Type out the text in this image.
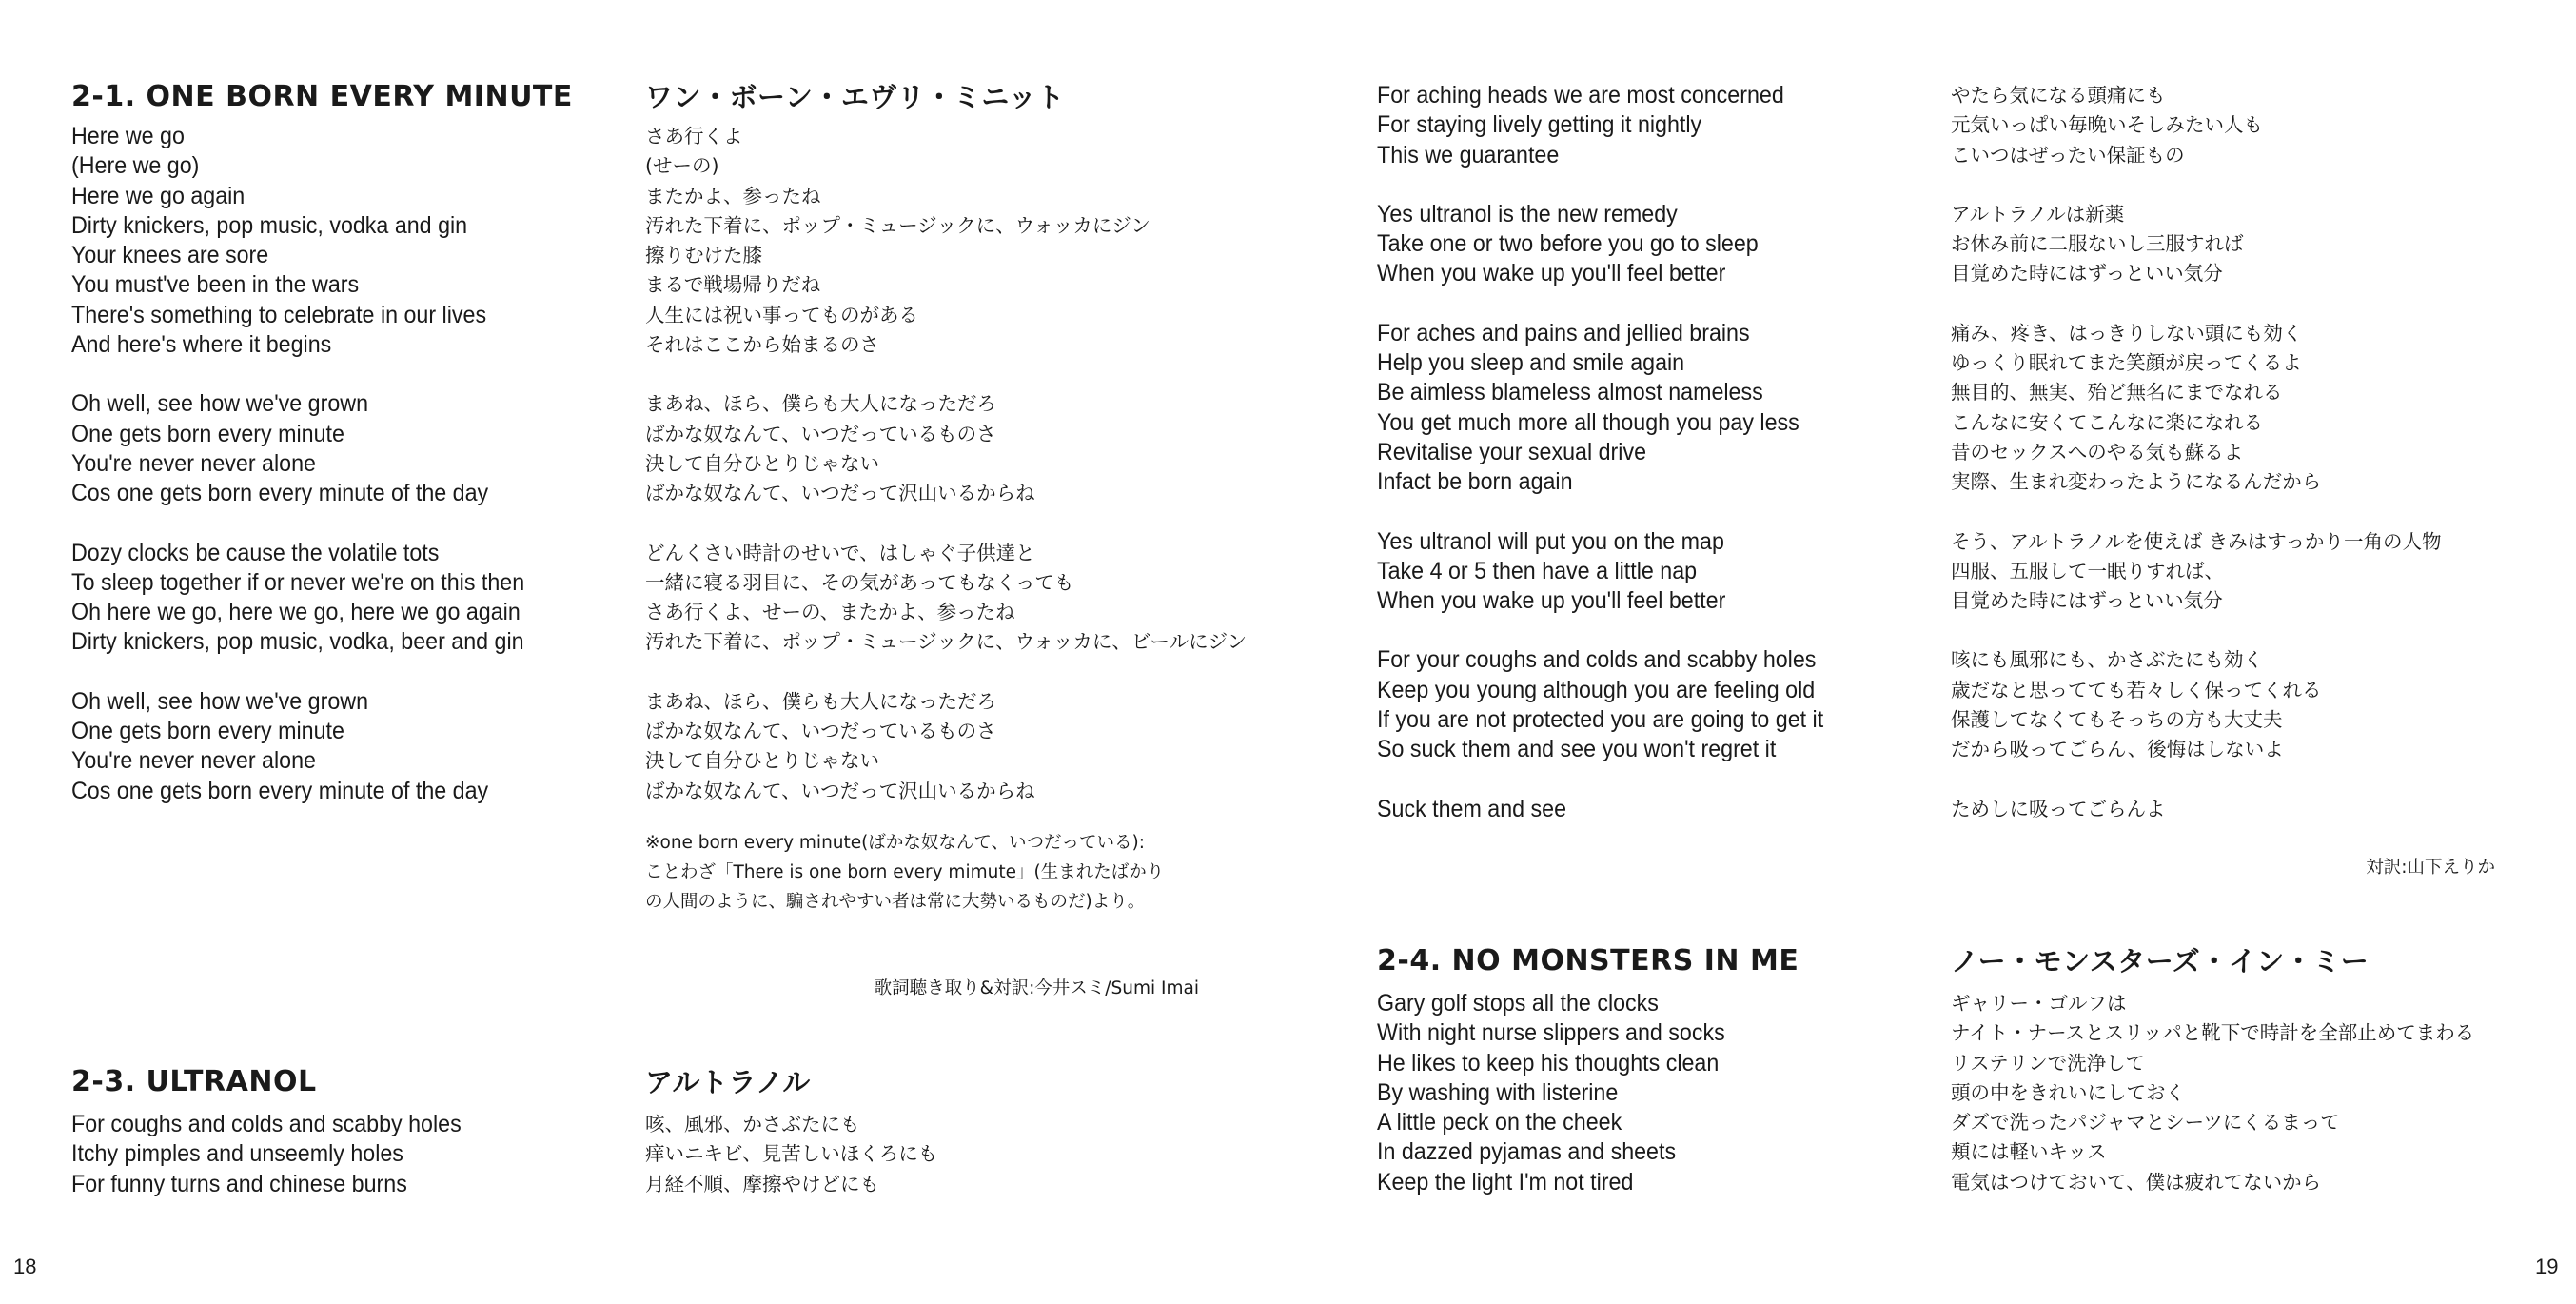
18	19
2-1. ONE BORN EVERY MINUTE
Here we go
(Here we go)
Here we go again
Dirty knickers, pop music, vodka and gin
Your knees are sore
You must've been in the wars
There's something to celebrate in our lives
And here's where it begins
Oh well, see how we've grown
One gets born every minute
You're never never alone
Cos one gets born every minute of the day
Dozy clocks be cause the volatile tots
To sleep together if or never we're on this then
Oh here we go, here we go, here we go again
Dirty knickers, pop music, vodka, beer and gin
Oh well, see how we've grown
One gets born every minute
You're never never alone
Cos one gets born every minute of the day
ワン・ボーン・エヴリ・ミニット
さあ行くよ
(せーの)
またかよ、参ったね
汚れた下着に、ポップ・ミュージックに、ウォッカにジン
擦りむけた膝
まるで戦場帰りだね
人生には祝い事ってものがある
それはここから始まるのさ
まあね、ほら、僕らも大人になっただろ
ばかな奴なんて、いつだっているものさ
決して自分ひとりじゃない
ばかな奴なんて、いつだって沢山いるからね
どんくさい時計のせいで、はしゃぐ子供達と
一緒に寝る羽目に、その気があってもなくっても
さあ行くよ、せーの、またかよ、参ったね
汚れた下着に、ポップ・ミュージックに、ウォッカに、ビールにジン
まあね、ほら、僕らも大人になっただろ
ばかな奴なんて、いつだっているものさ
決して自分ひとりじゃない
ばかな奴なんて、いつだって沢山いるからね
※one born every minute(ばかな奴なんて、いつだっている):
ことわざ「There is one born every mimute」(生まれたばかり
の人間のように、騙されやすい者は常に大勢いるものだ)より。
歌詞聴き取り&対訳:今井スミ/Sumi Imai
2-3. ULTRANOL
For coughs and colds and scabby holes
Itchy pimples and unseemly holes
For funny turns and chinese burns
アルトラノル
咳、風邪、かさぶたにも
痒いニキビ、見苦しいほくろにも
月経不順、摩擦やけどにも
For aching heads we are most concerned
For staying lively getting it nightly
This we guarantee
Yes ultranol is the new remedy
Take one or two before you go to sleep
When you wake up you'll feel better
For aches and pains and jellied brains
Help you sleep and smile again
Be aimless blameless almost nameless
You get much more all though you pay less
Revitalise your sexual drive
Infact be born again
Yes ultranol will put you on the map
Take 4 or 5 then have a little nap
When you wake up you'll feel better
For your coughs and colds and scabby holes
Keep you young although you are feeling old
If you are not protected you are going to get it
So suck them and see you won't regret it
Suck them and see
やたら気になる頭痛にも
元気いっぱい毎晩いそしみたい人も
こいつはぜったい保証もの
アルトラノルは新薬
お休み前に二服ないし三服すれば
目覚めた時にはずっといい気分
痛み、疼き、はっきりしない頭にも効く
ゆっくり眠れてまた笑顔が戻ってくるよ
無目的、無実、殆ど無名にまでなれる
こんなに安くてこんなに楽になれる
昔のセックスへのやる気も蘇るよ
実際、生まれ変わったようになるんだから
そう、アルトラノルを使えば きみはすっかり一角の人物
四服、五服して一眠りすれば、
目覚めた時にはずっといい気分
咳にも風邪にも、かさぶたにも効く
歳だなと思ってても若々しく保ってくれる
保護してなくてもそっちの方も大丈夫
だから吸ってごらん、後悔はしないよ
ためしに吸ってごらんよ
対訳:山下えりか
2-4. NO MONSTERS IN ME
Gary golf stops all the clocks
With night nurse slippers and socks
He likes to keep his thoughts clean
By washing with listerine
A little peck on the cheek
In dazzed pyjamas and sheets
Keep the light I'm not tired
ノー・モンスターズ・イン・ミー
ギャリー・ゴルフは
ナイト・ナースとスリッパと靴下で時計を全部止めてまわる
リステリンで洗浄して
頭の中をきれいにしておく
ダズで洗ったパジャマとシーツにくるまって
頬には軽いキッス
電気はつけておいて、僕は疲れてないから
